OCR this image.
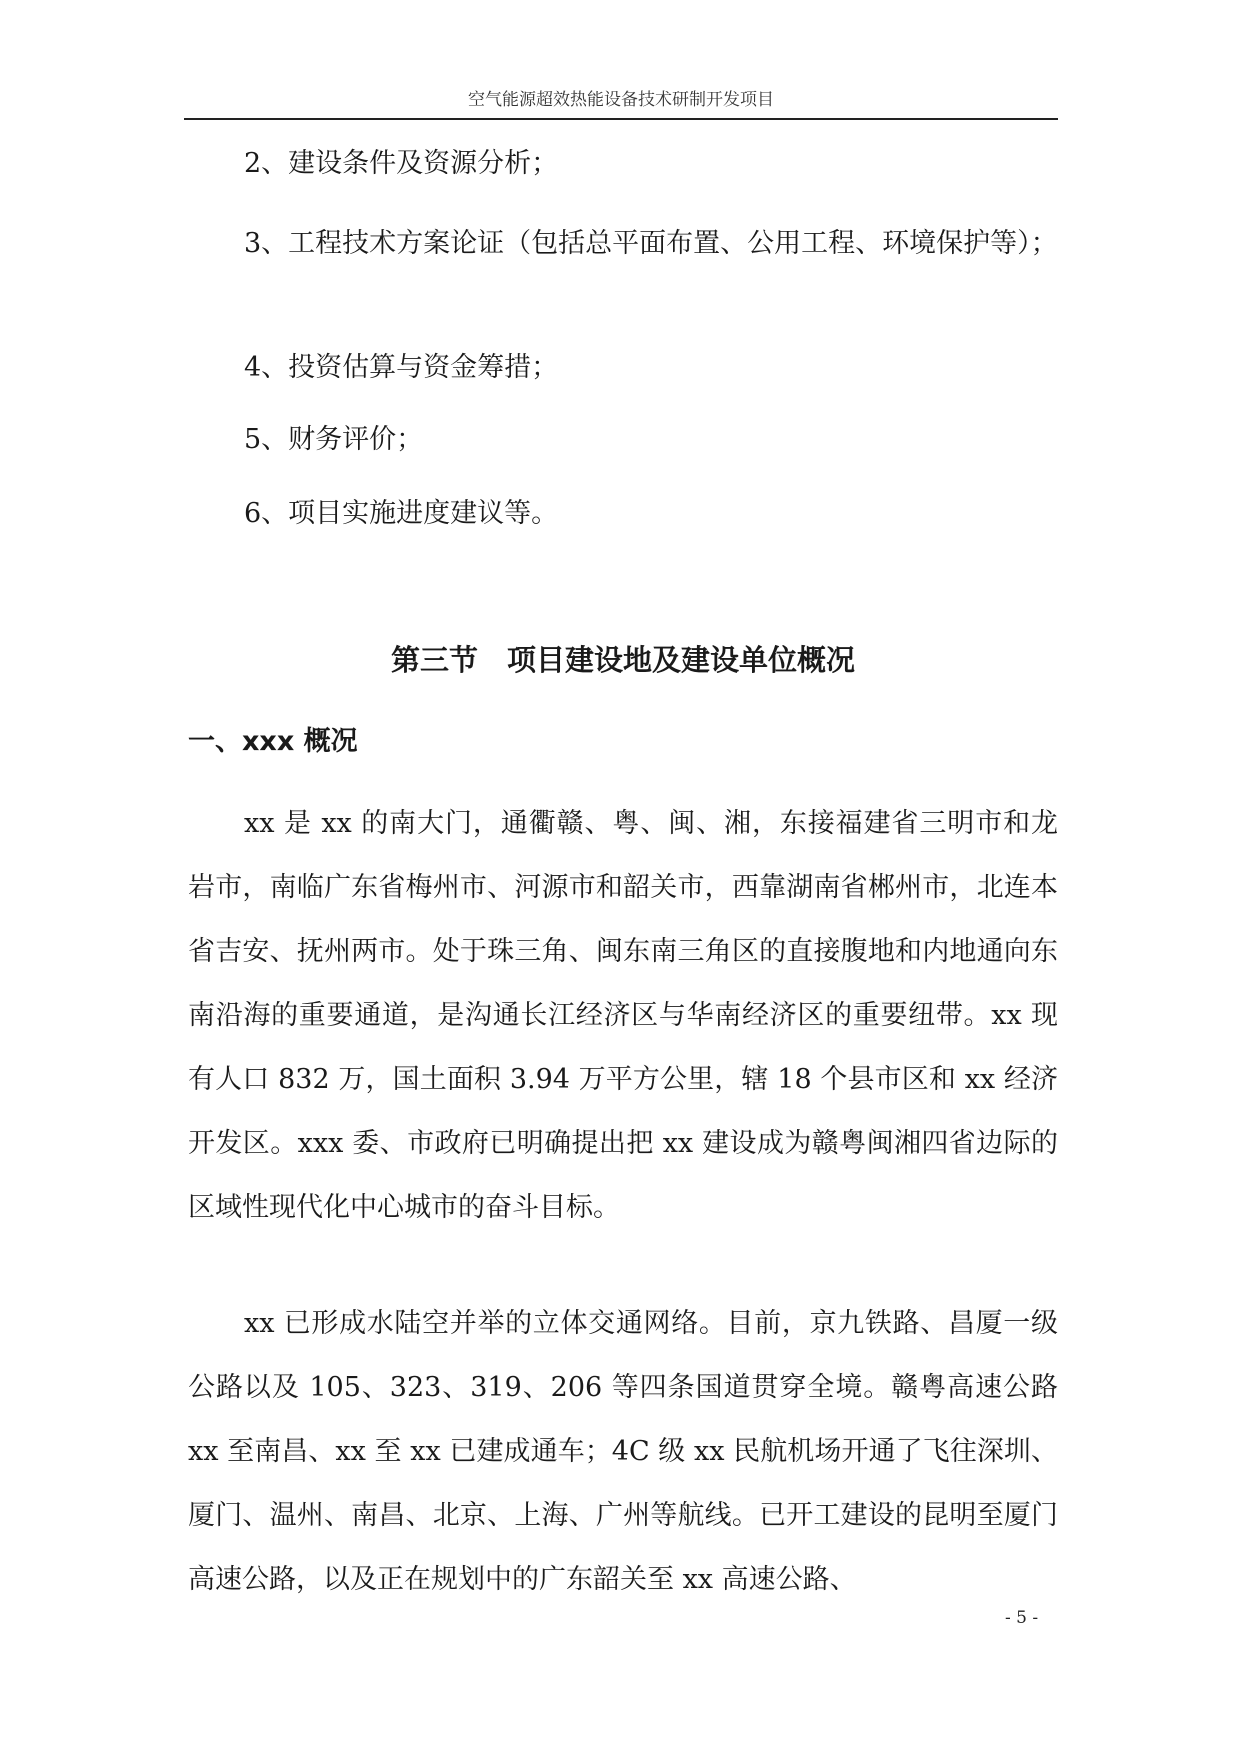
空气能源超效热能设备技术研制开发项目

2、建设条件及资源分析；

3、工程技术方案论证（包括总平面布置、公用工程、环境保护等）；

4、投资估算与资金筹措；

5、财务评价；

6、项目实施进度建议等。

第三节　项目建设地及建设单位概况
一、xxx 概况

xx 是 xx 的南大门，通衢赣、粤、闽、湘，东接福建省三明市和龙岩市，南临广东省梅州市、河源市和韶关市，西靠湖南省郴州市，北连本省吉安、抚州两市。处于珠三角、闽东南三角区的直接腹地和内地通向东南沿海的重要通道，是沟通长江经济区与华南经济区的重要纽带。xx 现有人口 832 万，国土面积 3.94 万平方公里，辖 18 个县市区和 xx 经济开发区。xxx 委、市政府已明确提出把 xx 建设成为赣粤闽湘四省边际的区域性现代化中心城市的奋斗目标。

xx 已形成水陆空并举的立体交通网络。目前，京九铁路、昌厦一级公路以及 105、323、319、206 等四条国道贯穿全境。赣粤高速公路 xx 至南昌、xx 至 xx 已建成通车；4C 级 xx 民航机场开通了飞往深圳、厦门、温州、南昌、北京、上海、广州等航线。已开工建设的昆明至厦门高速公路，以及正在规划中的广东韶关至 xx 高速公路、

- 5 -
